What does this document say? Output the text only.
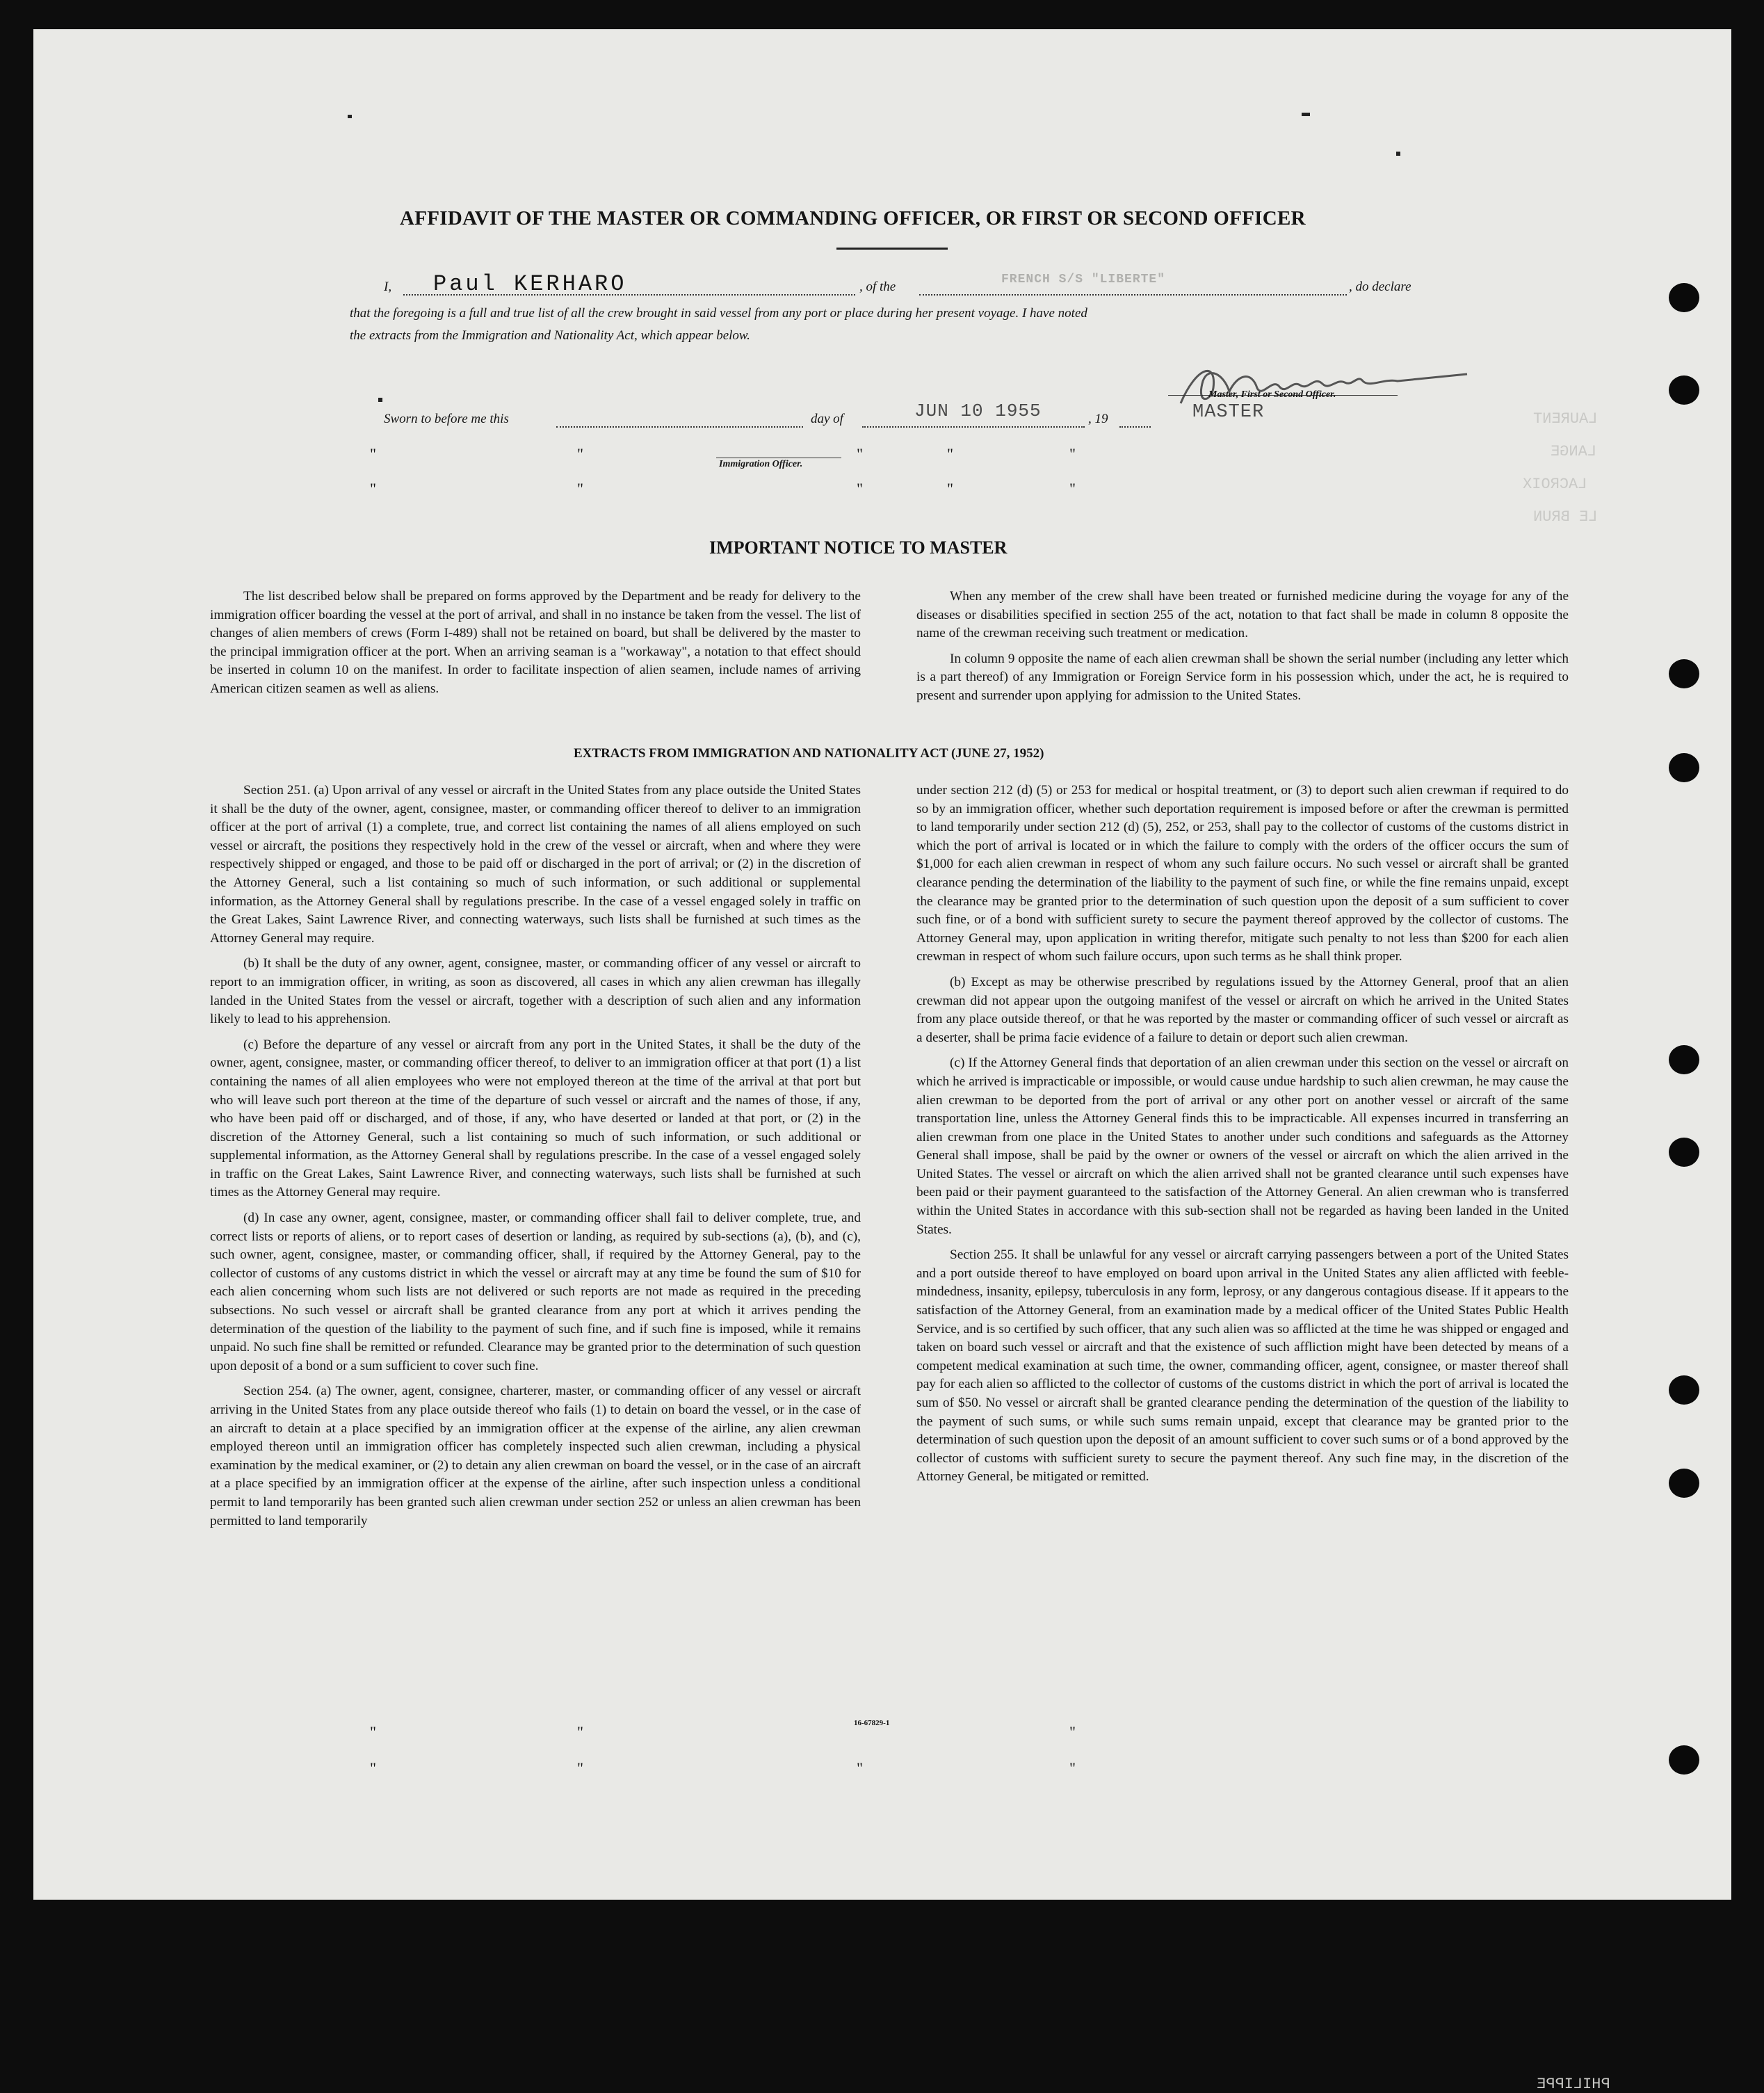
LAURENT
LANGE
LACROIX
LE BRUN
PHILIPPE
AFFIDAVIT OF THE MASTER OR COMMANDING OFFICER, OR FIRST OR SECOND OFFICER
I, Paul KERHARO	, of the	FRENCH S/S "LIBERTE"	, do declare
that the foregoing is a full and true list of all the crew brought in said vessel from any port or place during her present voyage. I have noted
the extracts from the Immigration and Nationality Act, which appear below.
Master, First or Second Officer.
MASTER
Sworn to before me this	day of	JUN 10 1955	, 19
"	"	"	"	"
Immigration Officer.
"	"	"	"	"
IMPORTANT NOTICE TO MASTER

The list described below shall be prepared on forms approved by the Department and be ready for delivery to the immigration officer boarding the vessel at the port of arrival, and shall in no instance be taken from the vessel. The list of changes of alien members of crews (Form I-489) shall not be retained on board, but shall be delivered by the master to the principal immigration officer at the port. When an arriving seaman is a "workaway", a notation to that effect should be inserted in column 10 on the manifest. In order to facilitate inspection of alien seamen, include names of arriving American citizen seamen as well as aliens.

When any member of the crew shall have been treated or furnished medicine during the voyage for any of the diseases or disabilities specified in section 255 of the act, notation to that fact shall be made in column 8 opposite the name of the crewman receiving such treatment or medication.

In column 9 opposite the name of each alien crewman shall be shown the serial number (including any letter which is a part thereof) of any Immigration or Foreign Service form in his possession which, under the act, he is required to present and surrender upon applying for admission to the United States.

EXTRACTS FROM IMMIGRATION AND NATIONALITY ACT (JUNE 27, 1952)

Section 251. (a) Upon arrival of any vessel or aircraft in the United States from any place outside the United States it shall be the duty of the owner, agent, consignee, master, or commanding officer thereof to deliver to an immigration officer at the port of arrival (1) a complete, true, and correct list containing the names of all aliens employed on such vessel or aircraft, the positions they respectively hold in the crew of the vessel or aircraft, when and where they were respectively shipped or engaged, and those to be paid off or discharged in the port of arrival; or (2) in the discretion of the Attorney General, such a list containing so much of such information, or such additional or supplemental information, as the Attorney General shall by regulations prescribe. In the case of a vessel engaged solely in traffic on the Great Lakes, Saint Lawrence River, and connecting waterways, such lists shall be furnished at such times as the Attorney General may require.

(b) It shall be the duty of any owner, agent, consignee, master, or commanding officer of any vessel or aircraft to report to an immigration officer, in writing, as soon as discovered, all cases in which any alien crewman has illegally landed in the United States from the vessel or aircraft, together with a description of such alien and any information likely to lead to his apprehension.

(c) Before the departure of any vessel or aircraft from any port in the United States, it shall be the duty of the owner, agent, consignee, master, or commanding officer thereof, to deliver to an immigration officer at that port (1) a list containing the names of all alien employees who were not employed thereon at the time of the arrival at that port but who will leave such port thereon at the time of the departure of such vessel or aircraft and the names of those, if any, who have been paid off or discharged, and of those, if any, who have deserted or landed at that port, or (2) in the discretion of the Attorney General, such a list containing so much of such information, or such additional or supplemental information, as the Attorney General shall by regulations prescribe. In the case of a vessel engaged solely in traffic on the Great Lakes, Saint Lawrence River, and connecting waterways, such lists shall be furnished at such times as the Attorney General may require.

(d) In case any owner, agent, consignee, master, or commanding officer shall fail to deliver complete, true, and correct lists or reports of aliens, or to report cases of desertion or landing, as required by sub-sections (a), (b), and (c), such owner, agent, consignee, master, or commanding officer, shall, if required by the Attorney General, pay to the collector of customs of any customs district in which the vessel or aircraft may at any time be found the sum of $10 for each alien concerning whom such lists are not delivered or such reports are not made as required in the preceding subsections. No such vessel or aircraft shall be granted clearance from any port at which it arrives pending the determination of the question of the liability to the payment of such fine, and if such fine is imposed, while it remains unpaid. No such fine shall be remitted or refunded. Clearance may be granted prior to the determination of such question upon deposit of a bond or a sum sufficient to cover such fine.

Section 254. (a) The owner, agent, consignee, charterer, master, or commanding officer of any vessel or aircraft arriving in the United States from any place outside thereof who fails (1) to detain on board the vessel, or in the case of an aircraft to detain at a place specified by an immigration officer at the expense of the airline, any alien crewman employed thereon until an immigration officer has completely inspected such alien crewman, including a physical examination by the medical examiner, or (2) to detain any alien crewman on board the vessel, or in the case of an aircraft at a place specified by an immigration officer at the expense of the airline, after such inspection unless a conditional permit to land temporarily has been granted such alien crewman under section 252 or unless an alien crewman has been permitted to land temporarily

under section 212 (d) (5) or 253 for medical or hospital treatment, or (3) to deport such alien crewman if required to do so by an immigration officer, whether such deportation requirement is imposed before or after the crewman is permitted to land temporarily under section 212 (d) (5), 252, or 253, shall pay to the collector of customs of the customs district in which the port of arrival is located or in which the failure to comply with the orders of the officer occurs the sum of $1,000 for each alien crewman in respect of whom any such failure occurs. No such vessel or aircraft shall be granted clearance pending the determination of the liability to the payment of such fine, or while the fine remains unpaid, except the clearance may be granted prior to the determination of such question upon the deposit of a sum sufficient to cover such fine, or of a bond with sufficient surety to secure the payment thereof approved by the collector of customs. The Attorney General may, upon application in writing therefor, mitigate such penalty to not less than $200 for each alien crewman in respect of whom such failure occurs, upon such terms as he shall think proper.

(b) Except as may be otherwise prescribed by regulations issued by the Attorney General, proof that an alien crewman did not appear upon the outgoing manifest of the vessel or aircraft on which he arrived in the United States from any place outside thereof, or that he was reported by the master or commanding officer of such vessel or aircraft as a deserter, shall be prima facie evidence of a failure to detain or deport such alien crewman.

(c) If the Attorney General finds that deportation of an alien crewman under this section on the vessel or aircraft on which he arrived is impracticable or impossible, or would cause undue hardship to such alien crewman, he may cause the alien crewman to be deported from the port of arrival or any other port on another vessel or aircraft of the same transportation line, unless the Attorney General finds this to be impracticable. All expenses incurred in transferring an alien crewman from one place in the United States to another under such conditions and safeguards as the Attorney General shall impose, shall be paid by the owner or owners of the vessel or aircraft on which the alien arrived in the United States. The vessel or aircraft on which the alien arrived shall not be granted clearance until such expenses have been paid or their payment guaranteed to the satisfaction of the Attorney General. An alien crewman who is transferred within the United States in accordance with this sub-section shall not be regarded as having been landed in the United States.

Section 255. It shall be unlawful for any vessel or aircraft carrying passengers between a port of the United States and a port outside thereof to have employed on board upon arrival in the United States any alien afflicted with feeble-mindedness, insanity, epilepsy, tuberculosis in any form, leprosy, or any dangerous contagious disease. If it appears to the satisfaction of the Attorney General, from an examination made by a medical officer of the United States Public Health Service, and is so certified by such officer, that any such alien was so afflicted at the time he was shipped or engaged and taken on board such vessel or aircraft and that the existence of such affliction might have been detected by means of a competent medical examination at such time, the owner, commanding officer, agent, consignee, or master thereof shall pay for each alien so afflicted to the collector of customs of the customs district in which the port of arrival is located the sum of $50. No vessel or aircraft shall be granted clearance pending the determination of the question of the liability to the payment of such sums, or while such sums remain unpaid, except that clearance may be granted prior to the determination of such question upon the deposit of an amount sufficient to cover such sums or of a bond approved by the collector of customs with sufficient surety to secure the payment thereof. Any such fine may, in the discretion of the Attorney General, be mitigated or remitted.

"	"	"
"	"	"	"
16-67829-1
